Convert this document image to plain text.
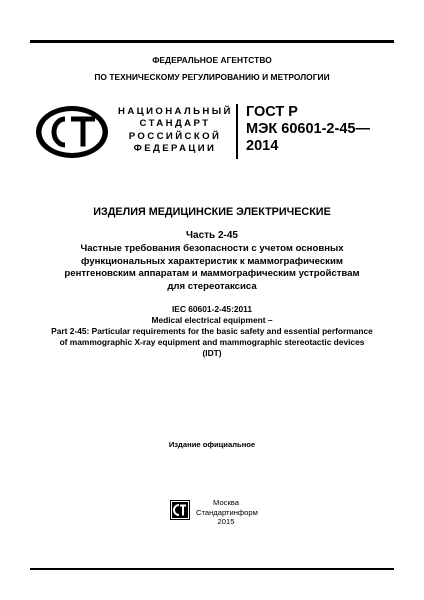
ФЕДЕРАЛЬНОЕ АГЕНТСТВО
ПО ТЕХНИЧЕСКОМУ РЕГУЛИРОВАНИЮ И МЕТРОЛОГИИ
НАЦИОНАЛЬНЫЙ
СТАНДАРТ
РОССИЙСКОЙ
ФЕДЕРАЦИИ
ГОСТ Р
МЭК 60601-2-45—
2014
ИЗДЕЛИЯ МЕДИЦИНСКИЕ ЭЛЕКТРИЧЕСКИЕ
Часть 2-45
Частные требования безопасности с учетом основных
функциональных характеристик к маммографическим
рентгеновским аппаратам и маммографическим устройствам
для стереотаксиса
IEC 60601-2-45:2011
Medical electrical equipment –
Part 2-45: Particular requirements for the basic safety and essential performance
of mammographic X-ray equipment and mammographic stereotactic devices
(IDT)
Издание официальное
Москва
Стандартинформ
2015
